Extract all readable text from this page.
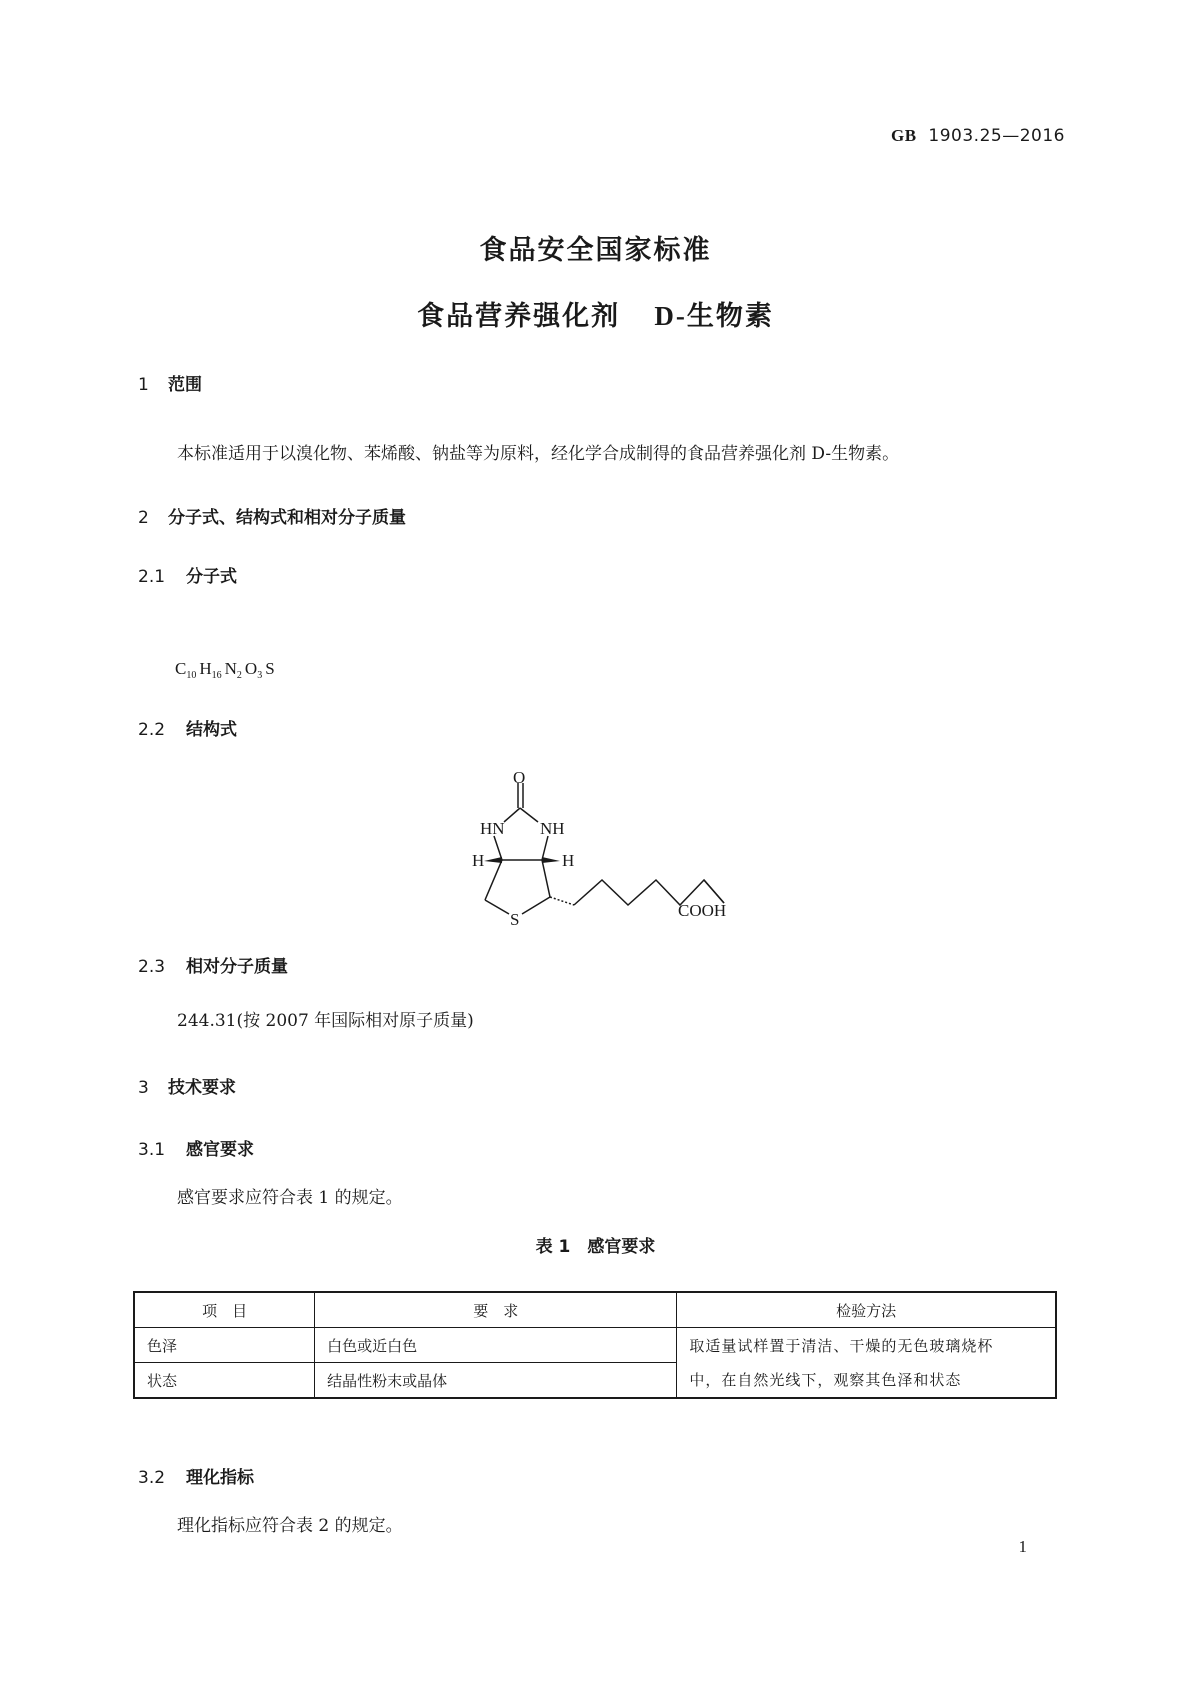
GB 1903.25—2016
食品安全国家标准
食品营养强化剂 D-生物素
1 范围
本标准适用于以溴化物、苯烯酸、钠盐等为原料，经化学合成制得的食品营养强化剂 D-生物素。
2 分子式、结构式和相对分子质量
2.1 分子式
$C_{10}$ $H_{16}$ $N_2$ $O_3$ S
2.2 结构式
O
HN NH
H	H
S	COOH
2.3 相对分子质量
244.31(按 2007 年国际相对原子质量)
3 技术要求
3.1 感官要求
感官要求应符合表 1 的规定。
表 1　感官要求
项　目	要　求	检验方法
色泽	白色或近白色	取适量试样置于清洁、干燥的无色玻璃烧杯
中，在自然光线下，观察其色泽和状态

状态	结晶性粉末或晶体	
3.2 理化指标
理化指标应符合表 2 的规定。
1
